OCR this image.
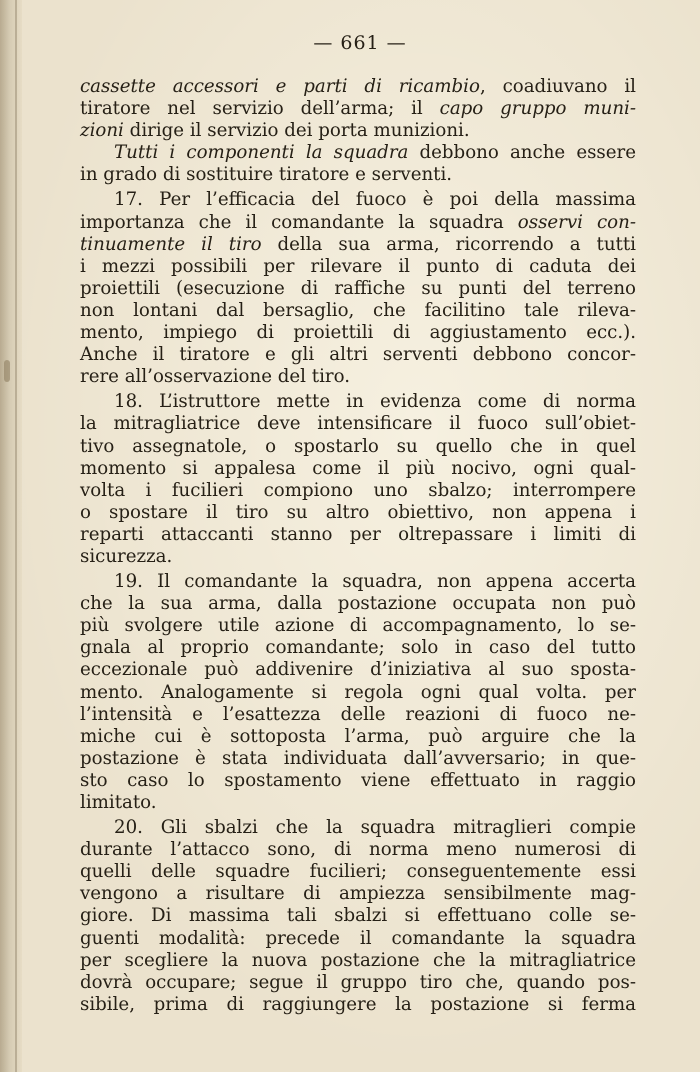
— 661 —
cassette accessori e parti di ricambio, coadiuvano il
tiratore nel servizio dell’arma; il capo gruppo muni-
zioni dirige il servizio dei porta munizioni.
Tutti i componenti la squadra debbono anche essere
in grado di sostituire tiratore e serventi.
17. Per l’efficacia del fuoco è poi della massima
importanza che il comandante la squadra osservi con-
tinuamente il tiro della sua arma, ricorrendo a tutti
i mezzi possibili per rilevare il punto di caduta dei
proiettili (esecuzione di raffiche su punti del terreno
non lontani dal bersaglio, che facilitino tale rileva-
mento, impiego di proiettili di aggiustamento ecc.).
Anche il tiratore e gli altri serventi debbono concor-
rere all’osservazione del tiro.
18. L’istruttore mette in evidenza come di norma
la mitragliatrice deve intensificare il fuoco sull’obiet-
tivo assegnatole, o spostarlo su quello che in quel
momento si appalesa come il più nocivo, ogni qual-
volta i fucilieri compiono uno sbalzo; interrompere
o spostare il tiro su altro obiettivo, non appena i
reparti attaccanti stanno per oltrepassare i limiti di
sicurezza.
19. Il comandante la squadra, non appena accerta
che la sua arma, dalla postazione occupata non può
più svolgere utile azione di accompagnamento, lo se-
gnala al proprio comandante; solo in caso del tutto
eccezionale può addivenire d’iniziativa al suo sposta-
mento. Analogamente si regola ogni qual volta. per
l’intensità e l’esattezza delle reazioni di fuoco ne-
miche cui è sottoposta l’arma, può arguire che la
postazione è stata individuata dall’avversario; in que-
sto caso lo spostamento viene effettuato in raggio
limitato.
20. Gli sbalzi che la squadra mitraglieri compie
durante l’attacco sono, di norma meno numerosi di
quelli delle squadre fucilieri; conseguentemente essi
vengono a risultare di ampiezza sensibilmente mag-
giore. Di massima tali sbalzi si effettuano colle se-
guenti modalità: precede il comandante la squadra
per scegliere la nuova postazione che la mitragliatrice
dovrà occupare; segue il gruppo tiro che, quando pos-
sibile, prima di raggiungere la postazione si ferma
